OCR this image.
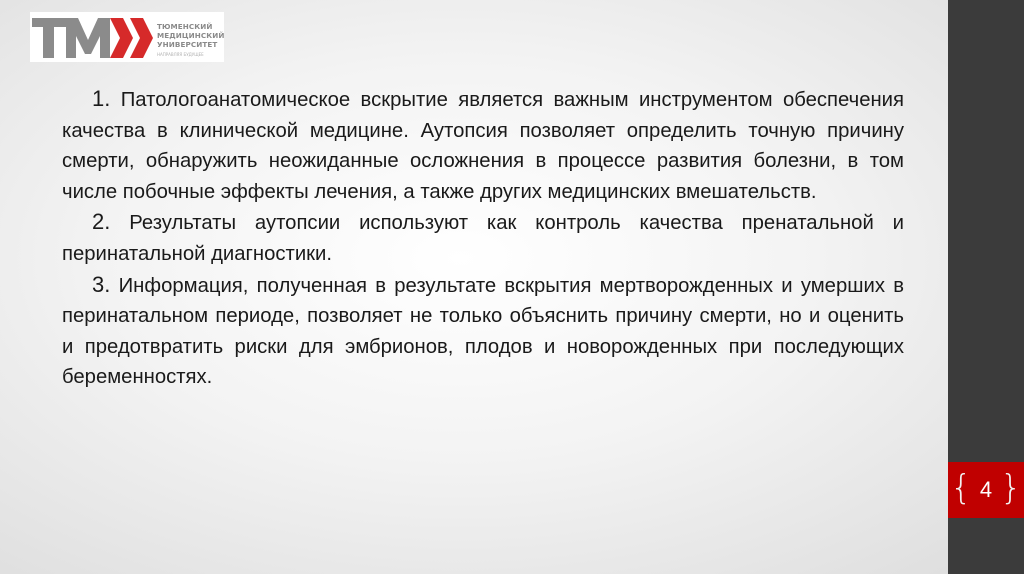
ТЮМЕНСКИЙ
МЕДИЦИНСКИЙ
УНИВЕРСИТЕТ
НАПРАВЛЯЯ БУДУЩЕЕ

1. Патологоанатомическое вскрытие является важным инструментом обеспечения качества в клинической медицине. Аутопсия позволяет определить точную причину смерти, обнаружить неожиданные осложнения в процессе развития болезни, в том числе побочные эффекты лечения, а также других медицинских вмешательств.

2. Результаты аутопсии используют как контроль качества пренатальной и перинатальной диагностики.

3. Информация, полученная в результате вскрытия мертворожденных и умерших в перинатальном периоде, позволяет не только объяснить причину смерти, но и оценить и предотвратить риски для эмбрионов, плодов и новорожденных при последующих беременностях.

{ 4 }
